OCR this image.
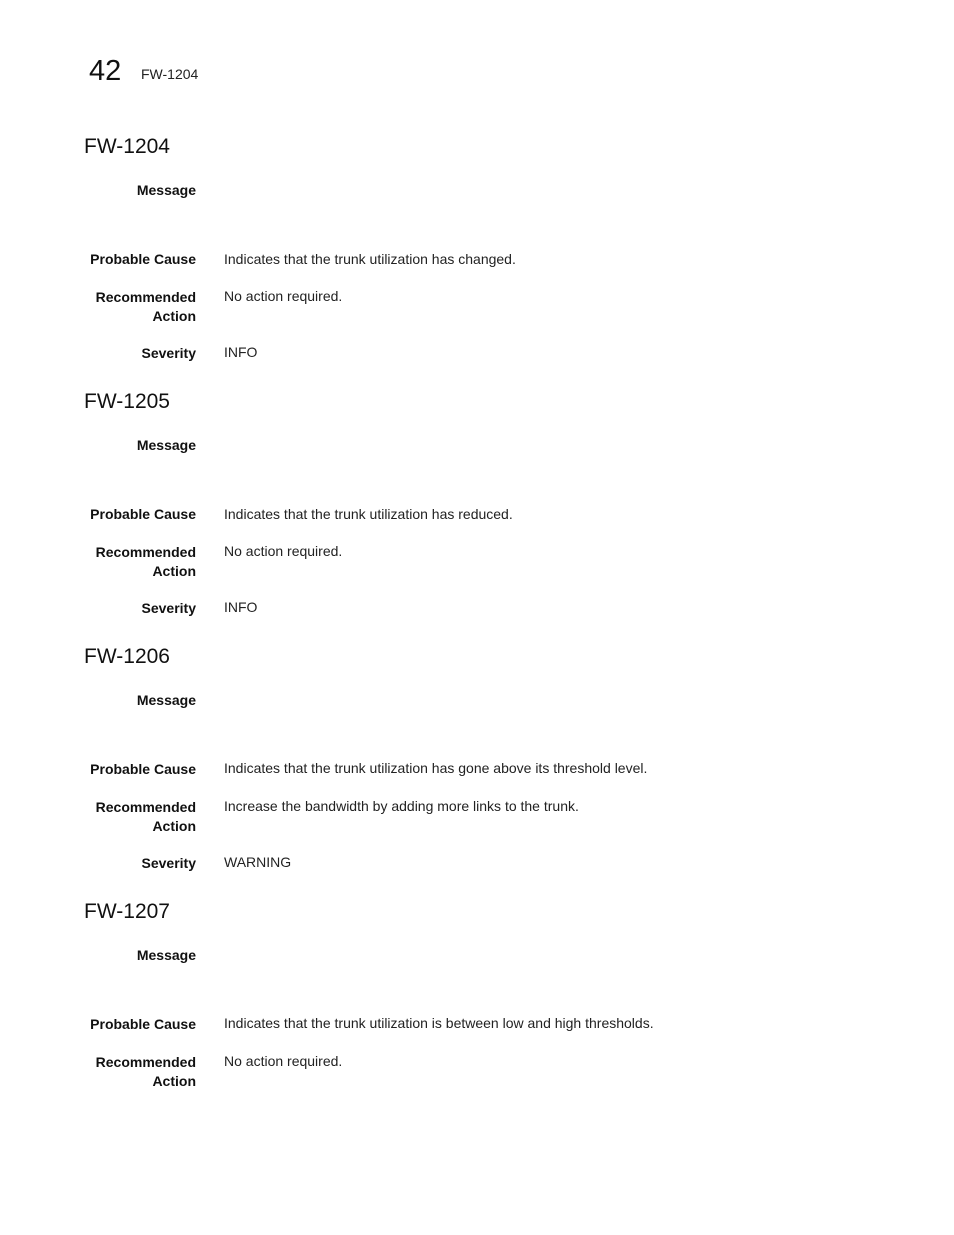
42 FW-1204
FW-1204
Message
Probable Cause Indicates that the trunk utilization has changed.
Recommended
Action
No action required.
Severity INFO
FW-1205
Message
Probable Cause Indicates that the trunk utilization has reduced.
Recommended
Action
No action required.
Severity INFO
FW-1206
Message
Probable Cause Indicates that the trunk utilization has gone above its threshold level.
Recommended
Action
Increase the bandwidth by adding more links to the trunk.
Severity WARNING
FW-1207
Message
Probable Cause Indicates that the trunk utilization is between low and high thresholds.
Recommended
Action
No action required.
